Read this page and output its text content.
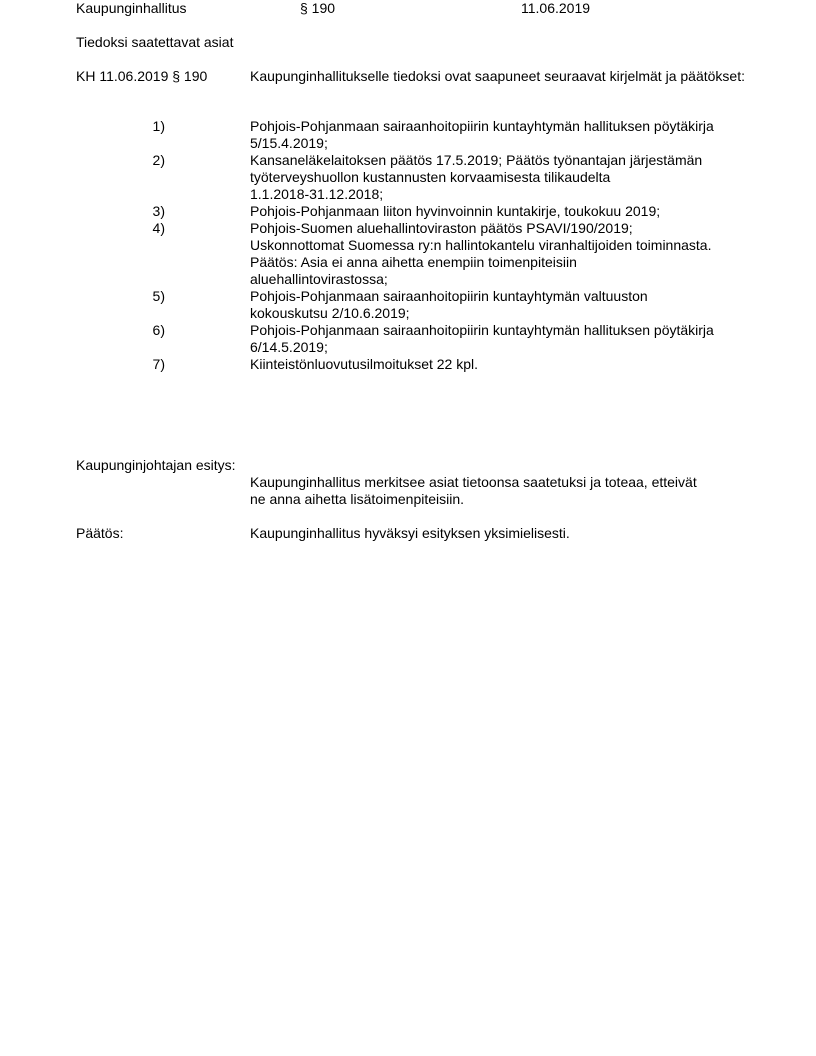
Kaupunginhallitus	§ 190	11.06.2019
Tiedoksi saatettavat asiat
KH 11.06.2019 § 190	Kaupunginhallitukselle tiedoksi ovat saapuneet seuraavat kirjelmät ja päätökset:
1)	Pohjois-Pohjanmaan sairaanhoitopiirin kuntayhtymän hallituksen pöytäkirja
5/15.4.2019;
2)	Kansaneläkelaitoksen päätös 17.5.2019; Päätös työnantajan järjestämän
työterveyshuollon kustannusten korvaamisesta tilikaudelta
1.1.2018-31.12.2018;
3)	Pohjois-Pohjanmaan liiton hyvinvoinnin kuntakirje, toukokuu 2019;
4)	Pohjois-Suomen aluehallintoviraston päätös PSAVI/190/2019;
Uskonnottomat Suomessa ry:n hallintokantelu viranhaltijoiden toiminnasta.
Päätös: Asia ei anna aihetta enempiin toimenpiteisiin
aluehallintovirastossa;
5)	Pohjois-Pohjanmaan sairaanhoitopiirin kuntayhtymän valtuuston
kokouskutsu 2/10.6.2019;
6)	Pohjois-Pohjanmaan sairaanhoitopiirin kuntayhtymän hallituksen pöytäkirja
6/14.5.2019;
7)	Kiinteistönluovutusilmoitukset 22 kpl.
Kaupunginjohtajan esitys:
Kaupunginhallitus merkitsee asiat tietoonsa saatetuksi ja toteaa, etteivät
ne anna aihetta lisätoimenpiteisiin.
Päätös:	Kaupunginhallitus hyväksyi esityksen yksimielisesti.
